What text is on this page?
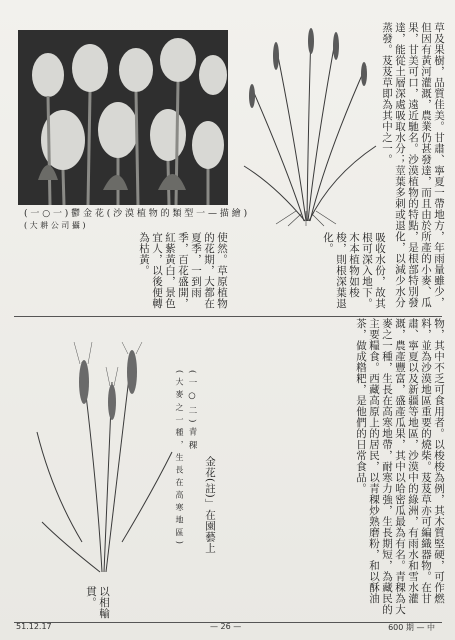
( 一 ○ 一 ) 鬱 金 花 ( 沙 漠 植 物 的 類 型 一 — 描 繪 )
( 大 耕 公 司 攝 )
( 一 ○ 二 ) 青 稞
( 大 麥 之 一 種 ， 生 長 在 高 寒 地 區 )
草及果樹，品質佳美。甘肅、寧夏一帶地方，年雨量雖少，但因有黃河灌溉，農業仍甚發達，而且由於所產的小麥、瓜果，甘美可口，遠近馳名。沙漠植物的特點，是根部特別發達，能從土層深處吸取水分；莖葉多刺或退化，以減少水分蒸發。芨芨草即為其中之一。
吸收水份，故其根可深入地下。木本植物如梭梭，則根深葉退化。
使然。草原植物的花期，大都在夏季，一到雨季，百花盛開，紅紫黃白，景色宜人，以後便轉為枯黃。
物，其中不乏可食用者。以梭梭為例，其木質堅硬，可作燃料，並為沙漠地區重要的燒柴。芨芨草亦可編織器物。在甘肅、寧夏以及新疆等地區，沙漠中的綠洲，有雨水和雪水灌溉，農產豐富，盛產瓜果，其中以哈密瓜最為有名。青稞為大麥之一種，生長在高寒地帶，耐寒力強，生長期短，為藏民的主要糧食。西藏高原上的居民，以青稞炒熟磨粉，和以酥油茶，做成糌粑，是他們的日常食品。
金花(註)」在園藝上
以相輸貫。
51.12.17	— 26 —	600 期 — 中
